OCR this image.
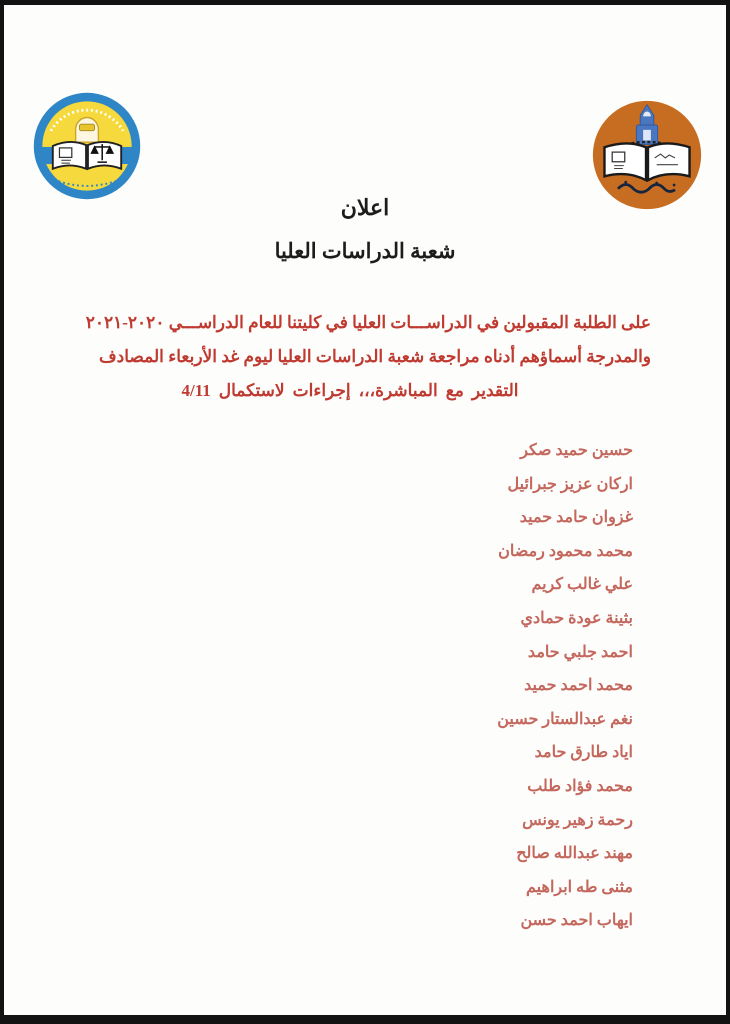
اعلان
شعبة الدراسات العليا
على الطلبة المقبولين في الدراســـات العليا في كليتنا للعام الدراســـي ٢٠٢٠-٢٠٢١
والمدرجة أسماؤهم أدناه مراجعة شعبة الدراسات العليا ليوم غد الأربعاء المصادف
4/11 لاستكمال إجراءات المباشرة،،، مع التقدير
حسين حميد صكر
اركان عزيز جبرائيل
غزوان حامد حميد
محمد محمود رمضان
علي غالب كريم
بثينة عودة حمادي
احمد جلبي حامد
محمد احمد حميد
نغم عبدالستار حسين
اياد طارق حامد
محمد فؤاد طلب
رحمة زهير يونس
مهند عبدالله صالح
مثنى طه ابراهيم
ايهاب احمد حسن
